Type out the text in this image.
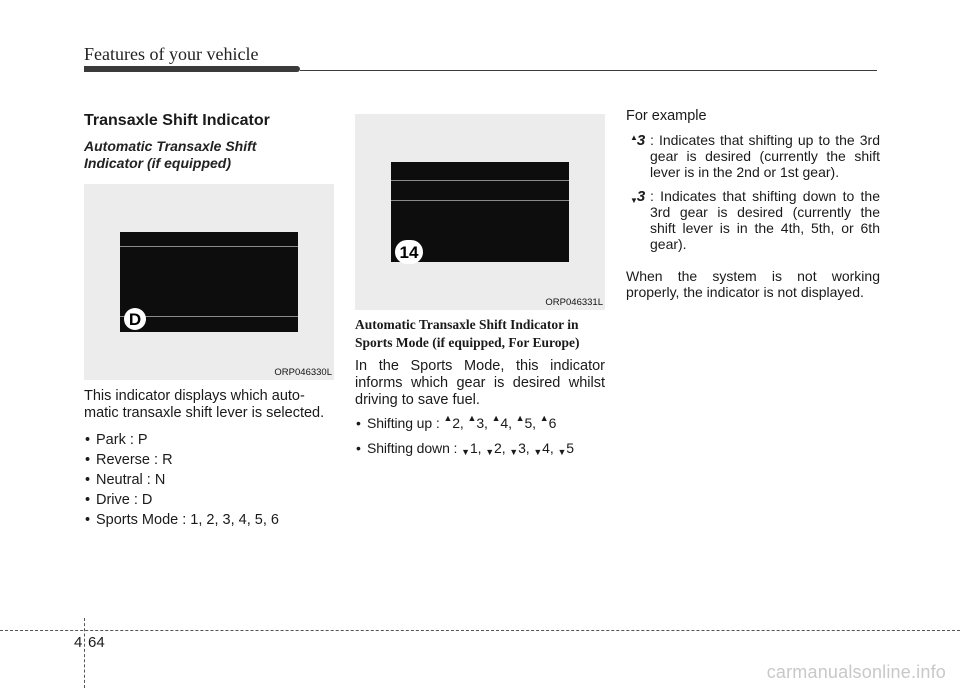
Features of your vehicle
Transaxle Shift Indicator
Automatic Transaxle Shift
Indicator (if equipped)
D
ORP046330L

This indicator displays which auto-
matic transaxle shift lever is selected.

• Park : P
• Reverse : R
• Neutral : N
• Drive : D
• Sports Mode : 1, 2, 3, 4, 5, 6
14
ORP046331L
Automatic Transaxle Shift Indicator in
Sports Mode (if equipped, For Europe)

In the Sports Mode, this indicator informs which gear is desired whilst driving to save fuel.

• Shifting up : ▲2, ▲3, ▲4, ▲5, ▲6
• Shifting down : ▼1, ▼2, ▼3, ▼4, ▼5

For example

▲3 : Indicates that shifting up to the 3rd gear is desired (currently the shift lever is in the 2nd or 1st gear).
▼3 : Indicates that shifting down to the 3rd gear is desired (currently the shift lever is in the 4th, 5th, or 6th gear).

When the system is not working properly, the indicator is not displayed.

4 64
carmanualsonline.info
